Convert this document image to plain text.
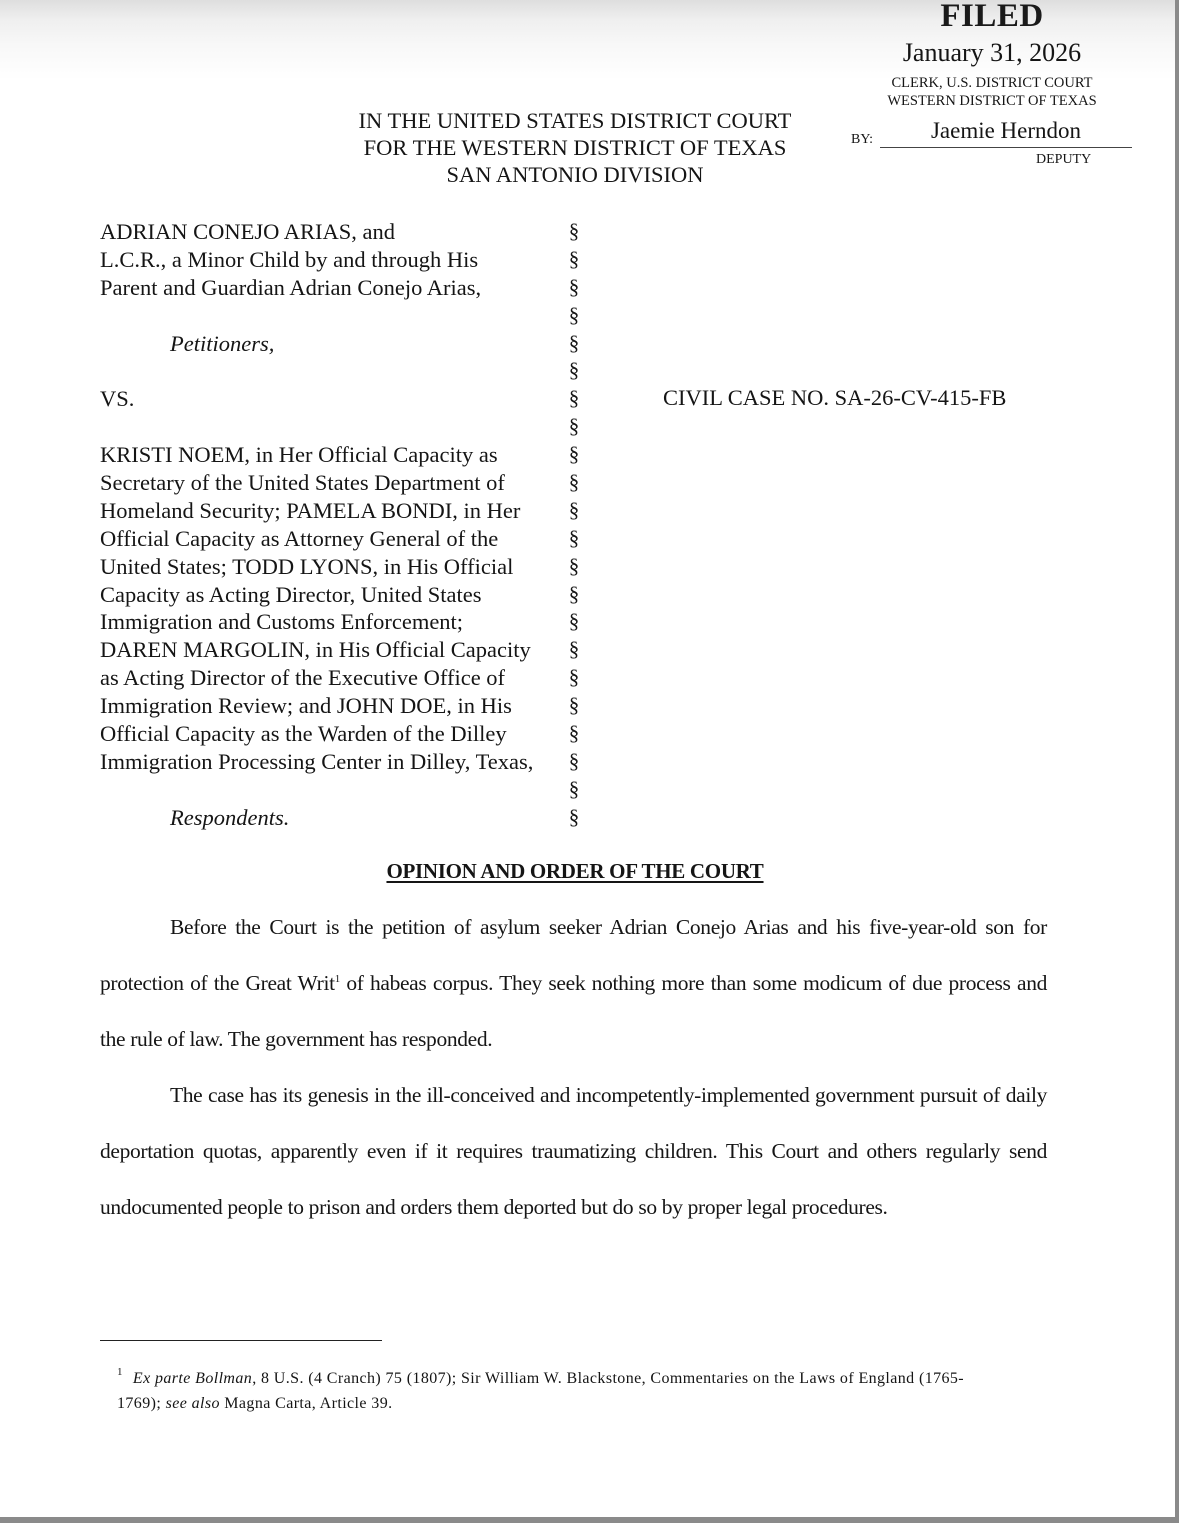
FILED
January 31, 2026
CLERK, U.S. DISTRICT COURT
WESTERN DISTRICT OF TEXAS
BY:	Jaemie Herndon
DEPUTY
IN THE UNITED STATES DISTRICT COURT
FOR THE WESTERN DISTRICT OF TEXAS
SAN ANTONIO DIVISION
ADRIAN CONEJO ARIAS, and
L.C.R., a Minor Child by and through His
Parent and Guardian Adrian Conejo Arias,
Petitioners,
VS.
KRISTI NOEM, in Her Official Capacity as
Secretary of the United States Department of
Homeland Security; PAMELA BONDI, in Her
Official Capacity as Attorney General of the
United States; TODD LYONS, in His Official
Capacity as Acting Director, United States
Immigration and Customs Enforcement;
DAREN MARGOLIN, in His Official Capacity
as Acting Director of the Executive Office of
Immigration Review; and JOHN DOE, in His
Official Capacity as the Warden of the Dilley
Immigration Processing Center in Dilley, Texas,
Respondents.
§
§
§
§
§
§
§
§
§
§
§
§
§
§
§
§
§
§
§
§
§
§
CIVIL CASE NO. SA-26-CV-415-FB
OPINION AND ORDER OF THE COURT
Before the Court is the petition of asylum seeker Adrian Conejo Arias and his five-year-old son for protection of the Great Writ$^1$ of habeas corpus. They seek nothing more than some modicum of due process and the rule of law. The government has responded.
The case has its genesis in the ill-conceived and incompetently-implemented government pursuit of daily deportation quotas, apparently even if it requires traumatizing children. This Court and others regularly send undocumented people to prison and orders them deported but do so by proper legal procedures.
$^1$ Ex parte Bollman, 8 U.S. (4 Cranch) 75 (1807); Sir William W. Blackstone, Commentaries on the Laws of England (1765-1769); see also Magna Carta, Article 39.
